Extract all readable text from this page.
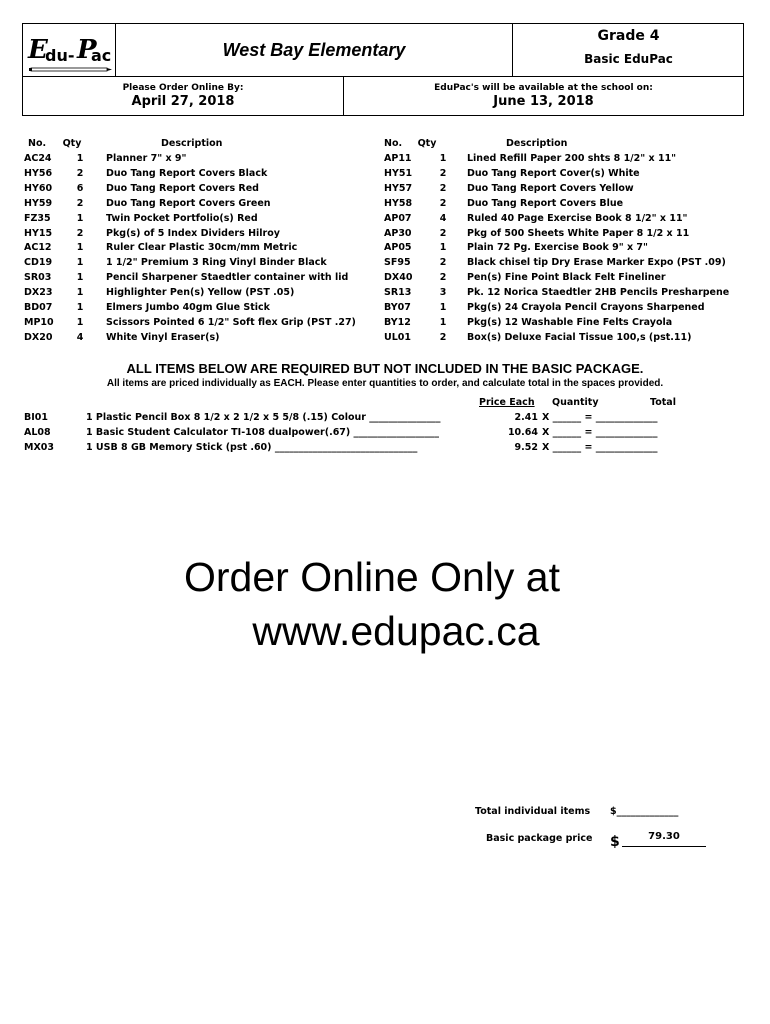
E
du- P
ac	West Bay Elementary
Grade 4
Basic EduPac
Please Order Online By:
April 27, 2018
EduPac's will be available at the school on:
June 13, 2018
No. Qty	Description
AC24	1	Planner 7" x 9"
HY56	2	Duo Tang Report Covers Black
HY60	6	Duo Tang Report Covers Red
HY59	2	Duo Tang Report Covers Green
FZ35	1	Twin Pocket Portfolio(s) Red
HY15	2	Pkg(s) of 5 Index Dividers Hilroy
AC12	1	Ruler Clear Plastic 30cm/mm Metric
CD19	1	1 1/2" Premium 3 Ring Vinyl Binder Black
SR03	1	Pencil Sharpener Staedtler container with lid
DX23	1	Highlighter Pen(s) Yellow (PST .05)
BD07	1	Elmers Jumbo 40gm Glue Stick
MP10	1	Scissors Pointed 6 1/2" Soft flex Grip (PST .27)
DX20	4	White Vinyl Eraser(s)
No. Qty	Description
AP11	1	Lined Refill Paper 200 shts 8 1/2" x 11"
HY51	2	Duo Tang Report Cover(s) White
HY57	2	Duo Tang Report Covers Yellow
HY58	2	Duo Tang Report Covers Blue
AP07	4	Ruled 40 Page Exercise Book 8 1/2" x 11"
AP30	2	Pkg of 500 Sheets White Paper 8 1/2 x 11
AP05	1	Plain 72 Pg. Exercise Book 9" x 7"
SF95	2	Black chisel tip Dry Erase Marker Expo (PST .09)
DX40	2	Pen(s) Fine Point Black Felt Fineliner
SR13	3	Pk. 12 Norica Staedtler 2HB Pencils Presharpene
BY07	1	Pkg(s) 24 Crayola Pencil Crayons Sharpened
BY12	1	Pkg(s) 12 Washable Fine Felts Crayola
UL01	2	Box(s) Deluxe Facial Tissue 100,s (pst.11)
ALL ITEMS BELOW ARE REQUIRED BUT NOT INCLUDED IN THE BASIC PACKAGE.
All items are priced individually as EACH. Please enter quantities to order, and calculate total in the spaces provided.
Price Each Quantity	Total
BI01	1 Plastic Pencil Box 8 1/2 x 2 1/2 x 5 5/8 (.15) Colour _______________	2.41 X ______ = _____________
AL08	1 Basic Student Calculator TI-108 dualpower(.67) __________________	10.64 X ______ = _____________
MX03	1 USB 8 GB Memory Stick (pst .60) ______________________________	9.52 X ______ = _____________
Order Online Only at
www.edupac.ca
Total individual items $_____________
Basic package price $	79.30
